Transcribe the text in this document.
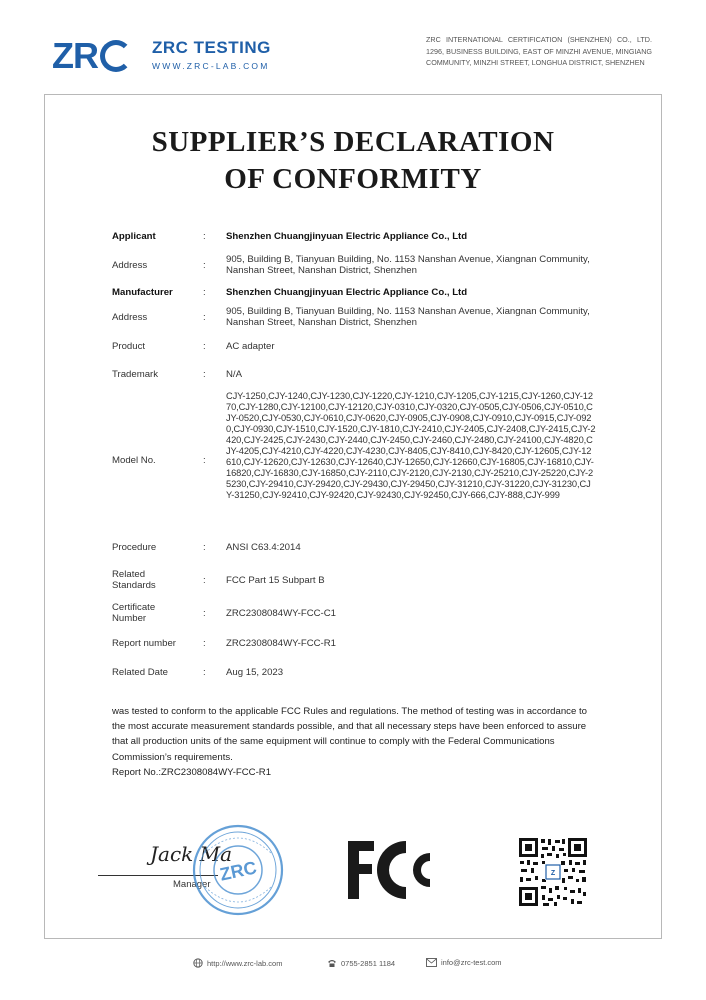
ZR	ZRC TESTING
WWW.ZRC-LAB.COM
ZRC INTERNATIONAL CERTIFICATION (SHENZHEN) CO., LTD. 1296, BUSINESS BUILDING, EAST OF MINZHI AVENUE, MINGIANG COMMUNITY, MINZHI STREET, LONGHUA DISTRICT, SHENZHEN
SUPPLIER’S DECLARATION
OF CONFORMITY
Applicant	: Shenzhen Chuangjinyuan Electric Appliance Co., Ltd
Address	:
905, Building B, Tianyuan Building, No. 1153 Nanshan Avenue, Xiangnan Community, Nanshan Street, Nanshan District, Shenzhen
Manufacturer	: Shenzhen Chuangjinyuan Electric Appliance Co., Ltd
Address	:
905, Building B, Tianyuan Building, No. 1153 Nanshan Avenue, Xiangnan Community, Nanshan Street, Nanshan District, Shenzhen
Product	: AC adapter
Trademark	: N/A
Model No.	:
CJY-1250,CJY-1240,CJY-1230,CJY-1220,CJY-1210,CJY-1205,CJY-1215,CJY-1260,CJY-1270,CJY-1280,CJY-12100,CJY-12120,CJY-0310,CJY-0320,CJY-0505,CJY-0506,CJY-0510,CJY-0520,CJY-0530,CJY-0610,CJY-0620,CJY-0905,CJY-0908,CJY-0910,CJY-0915,CJY-0920,CJY-0930,CJY-1510,CJY-1520,CJY-1810,CJY-2410,CJY-2405,CJY-2408,CJY-2415,CJY-2420,CJY-2425,CJY-2430,CJY-2440,CJY-2450,CJY-2460,CJY-2480,CJY-24100,CJY-4820,CJY-4205,CJY-4210,CJY-4220,CJY-4230,CJY-8405,CJY-8410,CJY-8420,CJY-12605,CJY-12610,CJY-12620,CJY-12630,CJY-12640,CJY-12650,CJY-12660,CJY-16805,CJY-16810,CJY-16820,CJY-16830,CJY-16850,CJY-2110,CJY-2120,CJY-2130,CJY-25210,CJY-25220,CJY-25230,CJY-29410,CJY-29420,CJY-29430,CJY-29450,CJY-31210,CJY-31220,CJY-31230,CJY-31250,CJY-92410,CJY-92420,CJY-92430,CJY-92450,CJY-666,CJY-888,CJY-999
Procedure	: ANSI C63.4:2014
Related
Standards	: FCC Part 15 Subpart B
Certificate
Number	: ZRC2308084WY-FCC-C1
Report number	: ZRC2308084WY-FCC-R1
Related Date	: Aug 15, 2023
was tested to conform to the applicable FCC Rules and regulations. The method of testing was in accordance to the most accurate measurement standards possible, and that all necessary steps have been enforced to assure that all production units of the same equipment will continue to comply with the Federal Communications Commission’s requirements.
Report No.:ZRC2308084WY-FCC-R1
Jack Ma
Manager ZRC	Z
http://www.zrc-lab.com	0755-2851 1184	info@zrc-test.com
